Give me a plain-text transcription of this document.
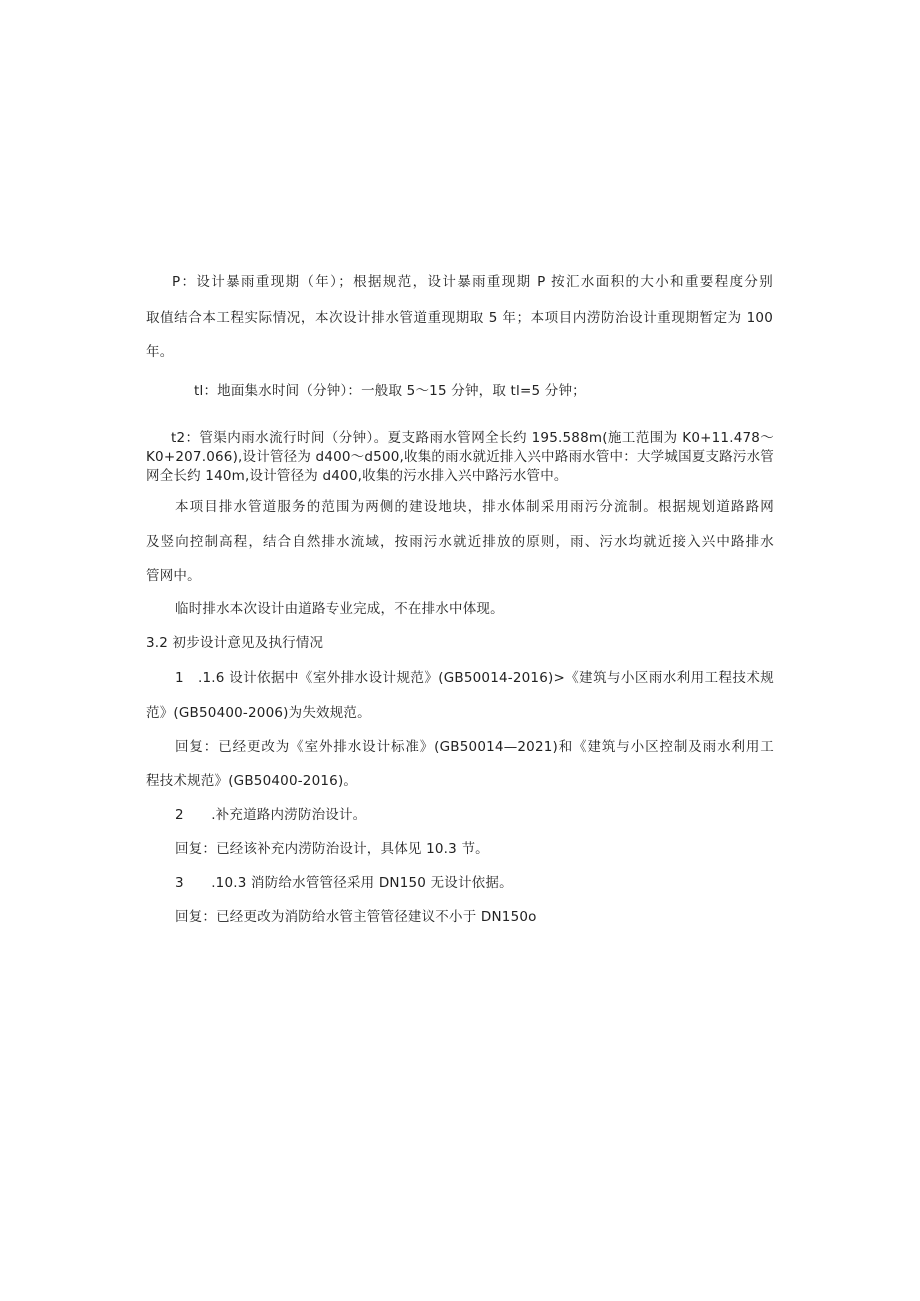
P：设计暴雨重现期（年）；根据规范，设计暴雨重现期 P 按汇水面积的大小和重要程度分别
取值结合本工程实际情况，本次设计排水管道重现期取 5 年；本项目内涝防治设计重现期暂定为 100
年。
tl：地面集水时间（分钟）：一般取 5～15 分钟，取 tl=5 分钟；
t2：管渠内雨水流行时间（分钟）。夏支路雨水管网全长约 195.588m(施工范围为 K0+11.478～
K0+207.066),设计管径为 d400～d500,收集的雨水就近排入兴中路雨水管中：大学城国夏支路污水管
网全长约 140m,设计管径为 d400,收集的污水排入兴中路污水管中。
本项目排水管道服务的范围为两侧的建设地块，排水体制采用雨污分流制。根据规划道路路网
及竖向控制高程，结合自然排水流域，按雨污水就近排放的原则，雨、污水均就近接入兴中路排水
管网中。
临时排水本次设计由道路专业完成，不在排水中体现。
3.2 初步设计意见及执行情况
1　.1.6 设计依据中《室外排水设计规范》(GB50014-2016)>《建筑与小区雨水利用工程技术规
范》(GB50400-2006)为失效规范。
回复：已经更改为《室外排水设计标准》(GB50014—2021)和《建筑与小区控制及雨水利用工
程技术规范》(GB50400-2016)。
2　　.补充道路内涝防治设计。
回复：已经该补充内涝防治设计，具体见 10.3 节。
3　　.10.3 消防给水管管径采用 DN150 无设计依据。
回复：已经更改为消防给水管主管管径建议不小于 DN150o
